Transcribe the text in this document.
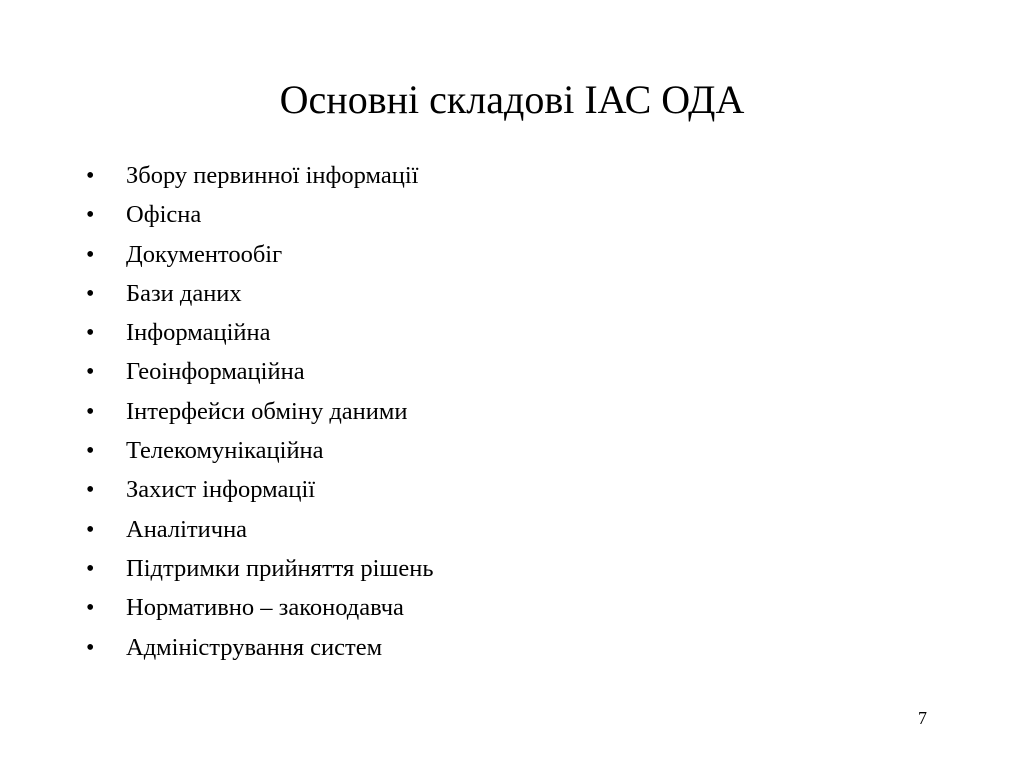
Основні складові ІАС ОДА
• Збору первинної інформації
• Офісна
• Документообіг
• Бази даних
• Інформаційна
• Геоінформаційна
• Інтерфейси обміну даними
• Телекомунікаційна
• Захист інформації
• Аналітична
• Підтримки прийняття рішень
• Нормативно – законодавча
• Адміністрування систем
7
